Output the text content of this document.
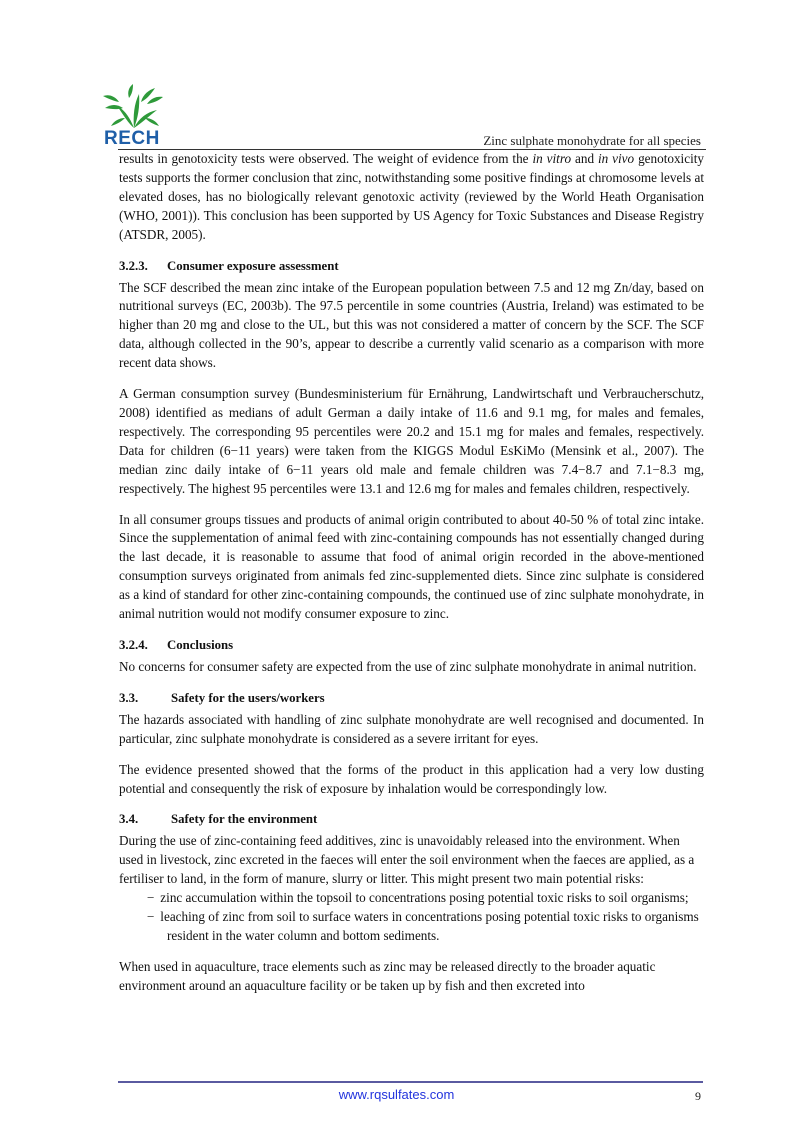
RECH	Zinc sulphate monohydrate for all species

results in genotoxicity tests were observed. The weight of evidence from the in vitro and in vivo genotoxicity tests supports the former conclusion that zinc, notwithstanding some positive findings at chromosome levels at elevated doses, has no biologically relevant genotoxic activity (reviewed by the World Heath Organisation (WHO, 2001)). This conclusion has been supported by US Agency for Toxic Substances and Disease Registry (ATSDR, 2005).

3.2.3. Consumer exposure assessment

The SCF described the mean zinc intake of the European population between 7.5 and 12 mg Zn/day, based on nutritional surveys (EC, 2003b). The 97.5 percentile in some countries (Austria, Ireland) was estimated to be higher than 20 mg and close to the UL, but this was not considered a matter of concern by the SCF. The SCF data, although collected in the 90’s, appear to describe a currently valid scenario as a comparison with more recent data shows.

A German consumption survey (Bundesministerium für Ernährung, Landwirtschaft und Verbraucherschutz, 2008) identified as medians of adult German a daily intake of 11.6 and 9.1 mg, for males and females, respectively. The corresponding 95 percentiles were 20.2 and 15.1 mg for males and females, respectively. Data for children (6−11 years) were taken from the KIGGS Modul EsKiMo (Mensink et al., 2007). The median zinc daily intake of 6−11 years old male and female children was 7.4−8.7 and 7.1−8.3 mg, respectively. The highest 95 percentiles were 13.1 and 12.6 mg for males and females children, respectively.

In all consumer groups tissues and products of animal origin contributed to about 40-50 % of total zinc intake. Since the supplementation of animal feed with zinc-containing compounds has not essentially changed during the last decade, it is reasonable to assume that food of animal origin recorded in the above-mentioned consumption surveys originated from animals fed zinc-supplemented diets. Since zinc sulphate is considered as a kind of standard for other zinc-containing compounds, the continued use of zinc sulphate monohydrate, in animal nutrition would not modify consumer exposure to zinc.

3.2.4. Conclusions

No concerns for consumer safety are expected from the use of zinc sulphate monohydrate in animal nutrition.

3.3.	Safety for the users/workers

The hazards associated with handling of zinc sulphate monohydrate are well recognised and documented. In particular, zinc sulphate monohydrate is considered as a severe irritant for eyes.

The evidence presented showed that the forms of the product in this application had a very low dusting potential and consequently the risk of exposure by inhalation would be correspondingly low.

3.4.	Safety for the environment

During the use of zinc-containing feed additives, zinc is unavoidably released into the environment. When used in livestock, zinc excreted in the faeces will enter the soil environment when the faeces are applied, as a fertiliser to land, in the form of manure, slurry or litter. This might present two main potential risks:

− zinc accumulation within the topsoil to concentrations posing potential toxic risks to soil organisms;
− leaching of zinc from soil to surface waters in concentrations posing potential toxic risks to organisms resident in the water column and bottom sediments.

When used in aquaculture, trace elements such as zinc may be released directly to the broader aquatic environment around an aquaculture facility or be taken up by fish and then excreted into

www.rqsulfates.com	9
